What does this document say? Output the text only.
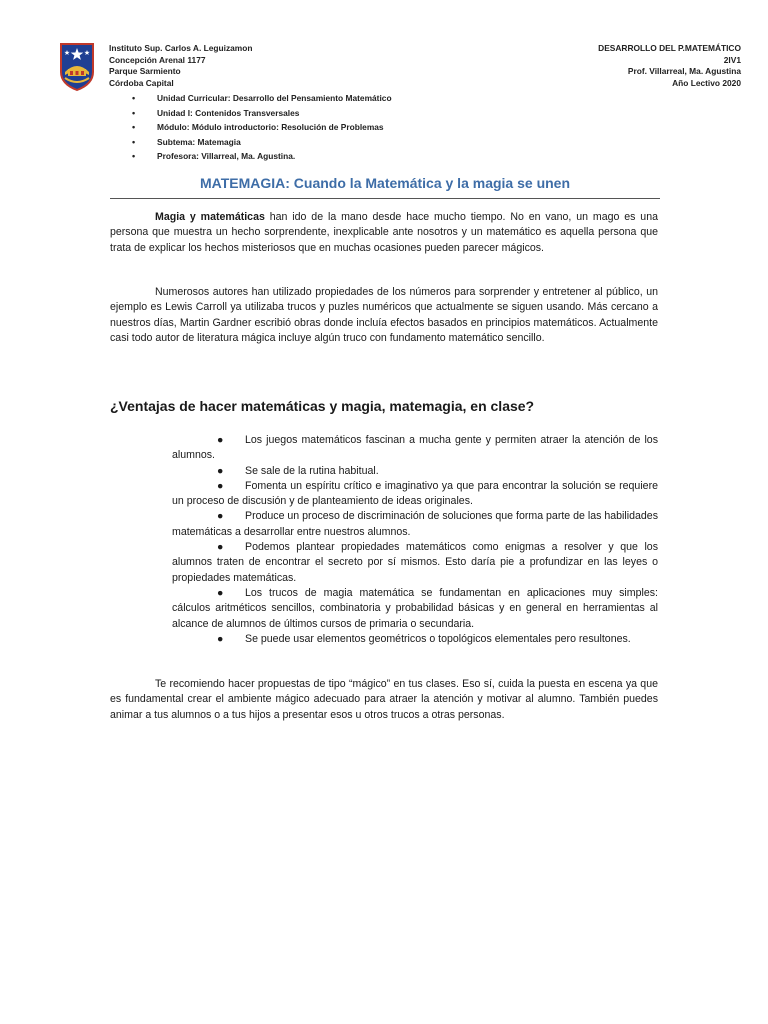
Instituto Sup. Carlos A. Leguizamon
Concepción Arenal 1177
Parque Sarmiento
Córdoba Capital
DESARROLLO DEL P.MATEMÁTICO
2IV1
Prof. Villarreal, Ma. Agustina
Año Lectivo 2020
• Unidad Curricular: Desarrollo del Pensamiento Matemático
• Unidad I: Contenidos Transversales
• Módulo: Módulo introductorio: Resolución de Problemas
• Subtema: Matemagia
• Profesora: Villarreal, Ma. Agustina.
MATEMAGIA: Cuando la Matemática y la magia se unen

Magia y matemáticas han ido de la mano desde hace mucho tiempo. No en vano, un mago es una persona que muestra un hecho sorprendente, inexplicable ante nosotros y un matemático es aquella persona que trata de explicar los hechos misteriosos que en muchas ocasiones pueden parecer mágicos.

Numerosos autores han utilizado propiedades de los números para sorprender y entretener al público, un ejemplo es Lewis Carroll ya utilizaba trucos y puzles numéricos que actualmente se siguen usando. Más cercano a nuestros días, Martin Gardner escribió obras donde incluía efectos basados en principios matemáticos. Actualmente casi todo autor de literatura mágica incluye algún truco con fundamento matemático sencillo.

¿Ventajas de hacer matemáticas y magia, matemagia, en clase?
● Los juegos matemáticos fascinan a mucha gente y permiten atraer la atención de los alumnos.
● Se sale de la rutina habitual.
● Fomenta un espíritu crítico e imaginativo ya que para encontrar la solución se requiere un proceso de discusión y de planteamiento de ideas originales.
● Produce un proceso de discriminación de soluciones que forma parte de las habilidades matemáticas a desarrollar entre nuestros alumnos.
● Podemos plantear propiedades matemáticos como enigmas a resolver y que los alumnos traten de encontrar el secreto por sí mismos. Esto daría pie a profundizar en las leyes o propiedades matemáticas.
● Los trucos de magia matemática se fundamentan en aplicaciones muy simples: cálculos aritméticos sencillos, combinatoria y probabilidad básicas y en general en herramientas al alcance de alumnos de últimos cursos de primaria o secundaria.
● Se puede usar elementos geométricos o topológicos elementales pero resultones.

Te recomiendo hacer propuestas de tipo “mágico” en tus clases. Eso sí, cuida la puesta en escena ya que es fundamental crear el ambiente mágico adecuado para atraer la atención y motivar al alumno. También puedes animar a tus alumnos o a tus hijos a presentar esos u otros trucos a otras personas.
